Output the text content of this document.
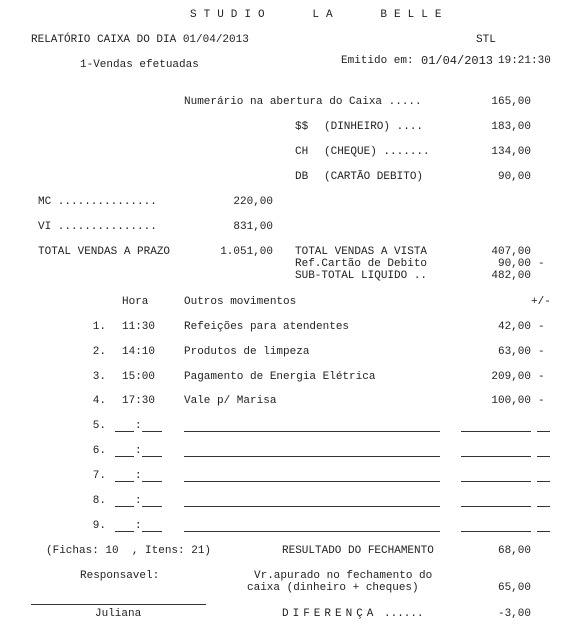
STUDIO   LA   BELLE
RELATÓRIO CAIXA DO DIA 01/04/2013	STL
1-Vendas efetuadas	Emitido em: 01/04/2013 19:21:30
Numerário na abertura do Caixa .....	165,00
$$ (DINHEIRO) ....	183,00
CH (CHEQUE) .......	134,00
DB (CARTÃO DEBITO)	90,00
MC ...............	220,00
VI ...............	831,00
TOTAL VENDAS A PRAZO	1.051,00 TOTAL VENDAS A VISTA	407,00
Ref.Cartão de Debito	90,00 -
SUB-TOTAL LIQUIDO ..	482,00
Hora	Outros movimentos	+/-
1. 11:30	Refeições para atendentes	42,00 -
2. 14:10	Produtos de limpeza	63,00 -
3. 15:00	Pagamento de Energia Elétrica	209,00 -
4. 17:30	Vale p/ Marisa	100,00 -
5.	:
6.	:
7.	:
8.	:
9.	:
(Fichas: 10  , Itens: 21)	RESULTADO DO FECHAMENTO	68,00
Responsavel:	Vr.apurado no fechamento do
caixa (dinheiro + cheques)	65,00
Juliana	DIFERENÇA ......	-3,00
